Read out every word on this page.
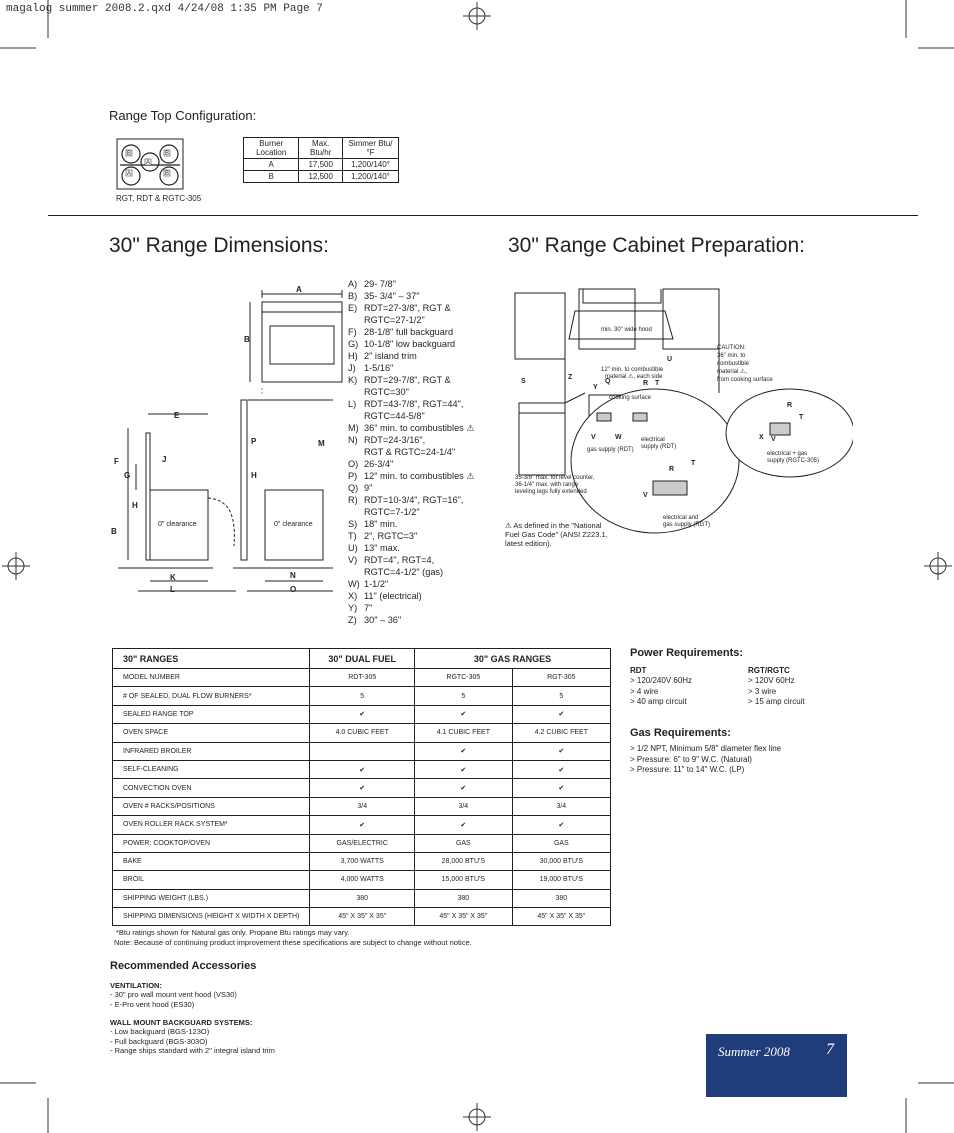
magalog summer 2008.2.qxd 4/24/08 1:35 PM Page 7
Range Top Configuration:
B
A
B
A	B
RGT, RDT & RGTC-305
Burner Location	Max. Btu/hr	Simmer Btu/°F
A	17,500	1,200/140°
B	12,500	1,200/140°
30" Range Dimensions:	30" Range Cabinet Preparation:
A
B
E
F
G
J
H
B
K
L
P	M
H
N
O
0" clearance	0" clearance
A) 29- 7/8"
B) 35- 3/4" – 37"
E) RDT=27-3/8", RGT &
RGTC=27-1/2"
F) 28-1/8" full backguard
G) 10-1/8" low backguard
H) 2" island trim
J) 1-5/16"
K) RDT=29-7/8", RGT &
RGTC=30"
L) RDT=43-7/8", RGT=44",
RGTC=44-5/8"
M) 36" min. to combustibles ⚠
N) RDT=24-3/16",
RGT & RGTC=24-1/4"
O) 26-3/4"
P) 12" min. to combustibles ⚠
Q) 9"
R) RDT=10-3/4", RGT=16",
RGTC=7-1/2"
S) 18" min.
T) 2", RGTC=3"
U) 13" max.
V) RDT=4", RGT=4,
RGTC=4-1/2" (gas)
W) 1-1/2"
X) 11" (electrical)
Y) 7"
Z) 30" – 36"
min. 30" wide hood
CAUTION:
36" min. to
combustible
material ⚠,
from cooking surface
12" min. to combustible
material ⚠, each side
cooking surface
electrical
supply (RDT)
gas supply (RDT)
35-3/8" max. for level counter,
36-1/4" max. with range
leveling legs fully extended
electrical and
gas supply (RGT)
electrical + gas
supply (RGTC-305)
S
Z
Y
Q	R T
U
V	W
R
T
V
R
T
X V
⚠ As defined in the "National Fuel Gas Code" (ANSI Z223.1, latest edition).
30" RANGES	30" DUAL FUEL	30" GAS RANGES	
MODEL NUMBER	RDT-305	RGTC-305	RGT-305
# OF SEALED, DUAL FLOW BURNERS*	5	5	5
SEALED RANGE TOP	✔	✔	✔
OVEN SPACE	4.0 CUBIC FEET	4.1 CUBIC FEET	4.2 CUBIC FEET
INFRARED BROILER		✔	✔
SELF-CLEANING	✔	✔	✔
CONVECTION OVEN	✔	✔	✔
OVEN # RACKS/POSITIONS	3/4	3/4	3/4
OVEN ROLLER RACK SYSTEM*	✔	✔	✔
POWER: COOKTOP/OVEN	GAS/ELECTRIC	GAS	GAS
BAKE	3,700 WATTS	28,000 BTU'S	30,000 BTU'S
BROIL	4,000 WATTS	15,000 BTU'S	19,000 BTU'S
SHIPPING WEIGHT (LBS.)	380	380	380
SHIPPING DIMENSIONS (HEIGHT X WIDTH X DEPTH)	45" X 35" X 35"	45" X 35" X 35"	45" X 35" X 35"
*Btu ratings shown for Natural gas only. Propane Btu ratings may vary.
Note: Because of continuing product improvement these specifications are subject to change without notice.
Power Requirements:
RDT
> 120/240V 60Hz
> 4 wire
> 40 amp circuit
RGT/RGTC
> 120V 60Hz
> 3 wire
> 15 amp circuit
Gas Requirements:
> 1/2 NPT, Minimum 5/8" diameter flex line
> Pressure: 6" to 9" W.C. (Natural)
> Pressure: 11" to 14" W.C. (LP)
Recommended Accessories
VENTILATION:
- 30" pro wall mount vent hood (VS30)
- E-Pro vent hood (ES30)
WALL MOUNT BACKGUARD SYSTEMS:
- Low backguard (BGS-123O)
- Full backguard (BGS-303O)
- Range ships standard with 2" integral island trim	Summer 2008 7
